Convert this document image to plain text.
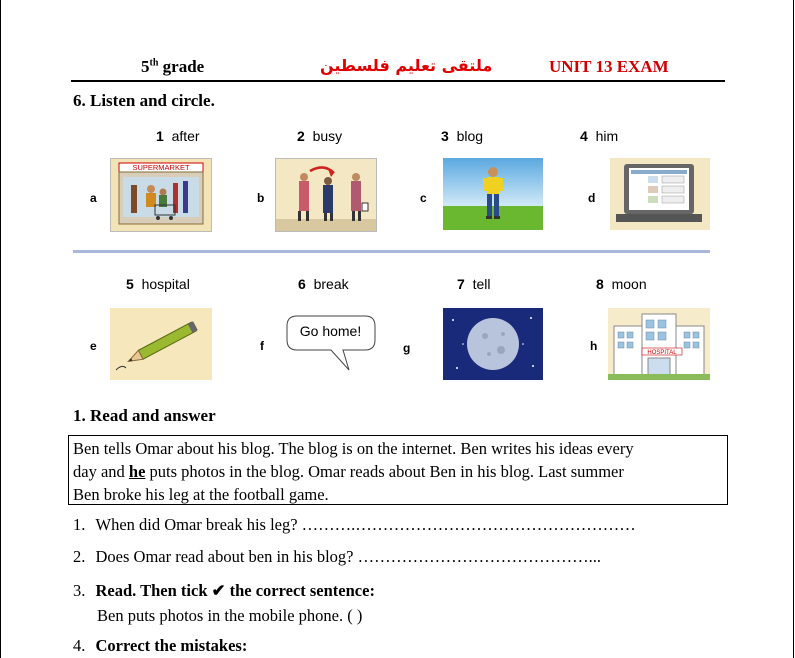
5th grade	ملتقى تعليم فلسطين	UNIT 13 EXAM
6. Listen and circle.
1 after	2 busy	3 blog	4 him
a	b	c	d
SUPERMARKET
5 hospital	6 break	7 tell	8 moon
e	f	g	h
Go home!
HOSPITAL
1. Read and answer
Ben tells Omar about his blog. The blog is on the internet. Ben writes his ideas every
day and he puts photos in the blog. Omar reads about Ben in his blog. Last summer
Ben broke his leg at the football game.
1. When did Omar break his leg? ……….……………………………………………
2. Does Omar read about ben in his blog? ……………………………………...
3. Read. Then tick ✔ the correct sentence:
Ben puts photos in the mobile phone. ( )
4. Correct the mistakes:
